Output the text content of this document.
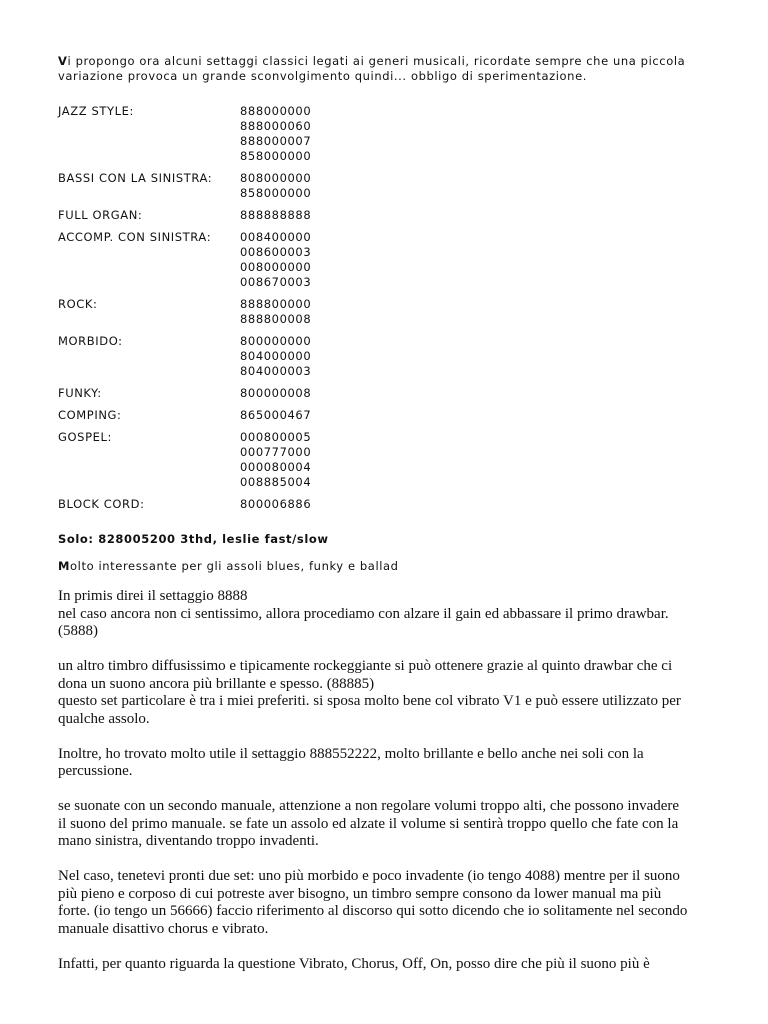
Vi propongo ora alcuni settaggi classici legati ai generi musicali, ricordate sempre che una piccola variazione provoca un grande sconvolgimento quindi... obbligo di sperimentazione.

JAZZ STYLE:	888000000
888000060
888000007
858000000

BASSI CON LA SINISTRA:	808000000
858000000

FULL ORGAN:	888888888

ACCOMP. CON SINISTRA:	008400000
008600003
008000000
008670003

ROCK:	888800000
888800008

MORBIDO:	800000000
804000000
804000003

FUNKY:	800000008

COMPING:	865000467

GOSPEL:	000800005
000777000
000080004
008885004

BLOCK CORD:	800006886
Solo: 828005200 3thd, leslie fast/slow
Molto interessante per gli assoli blues, funky e ballad

In primis direi il settaggio 8888
nel caso ancora non ci sentissimo, allora procediamo con alzare il gain ed abbassare il primo drawbar.
(5888)

un altro timbro diffusissimo e tipicamente rockeggiante si può ottenere grazie al quinto drawbar che ci
dona un suono ancora più brillante e spesso. (88885)
questo set particolare è tra i miei preferiti. si sposa molto bene col vibrato V1 e può essere utilizzato per
qualche assolo.

Inoltre, ho trovato molto utile il settaggio 888552222, molto brillante e bello anche nei soli con la
percussione.

se suonate con un secondo manuale, attenzione a non regolare volumi troppo alti, che possono invadere
il suono del primo manuale. se fate un assolo ed alzate il volume si sentirà troppo quello che fate con la
mano sinistra, diventando troppo invadenti.

Nel caso, tenetevi pronti due set: uno più morbido e poco invadente (io tengo 4088) mentre per il suono
più pieno e corposo di cui potreste aver bisogno, un timbro sempre consono da lower manual ma più
forte. (io tengo un 56666) faccio riferimento al discorso qui sotto dicendo che io solitamente nel secondo
manuale disattivo chorus e vibrato.

Infatti, per quanto riguarda la questione Vibrato, Chorus, Off, On, posso dire che più il suono più è
